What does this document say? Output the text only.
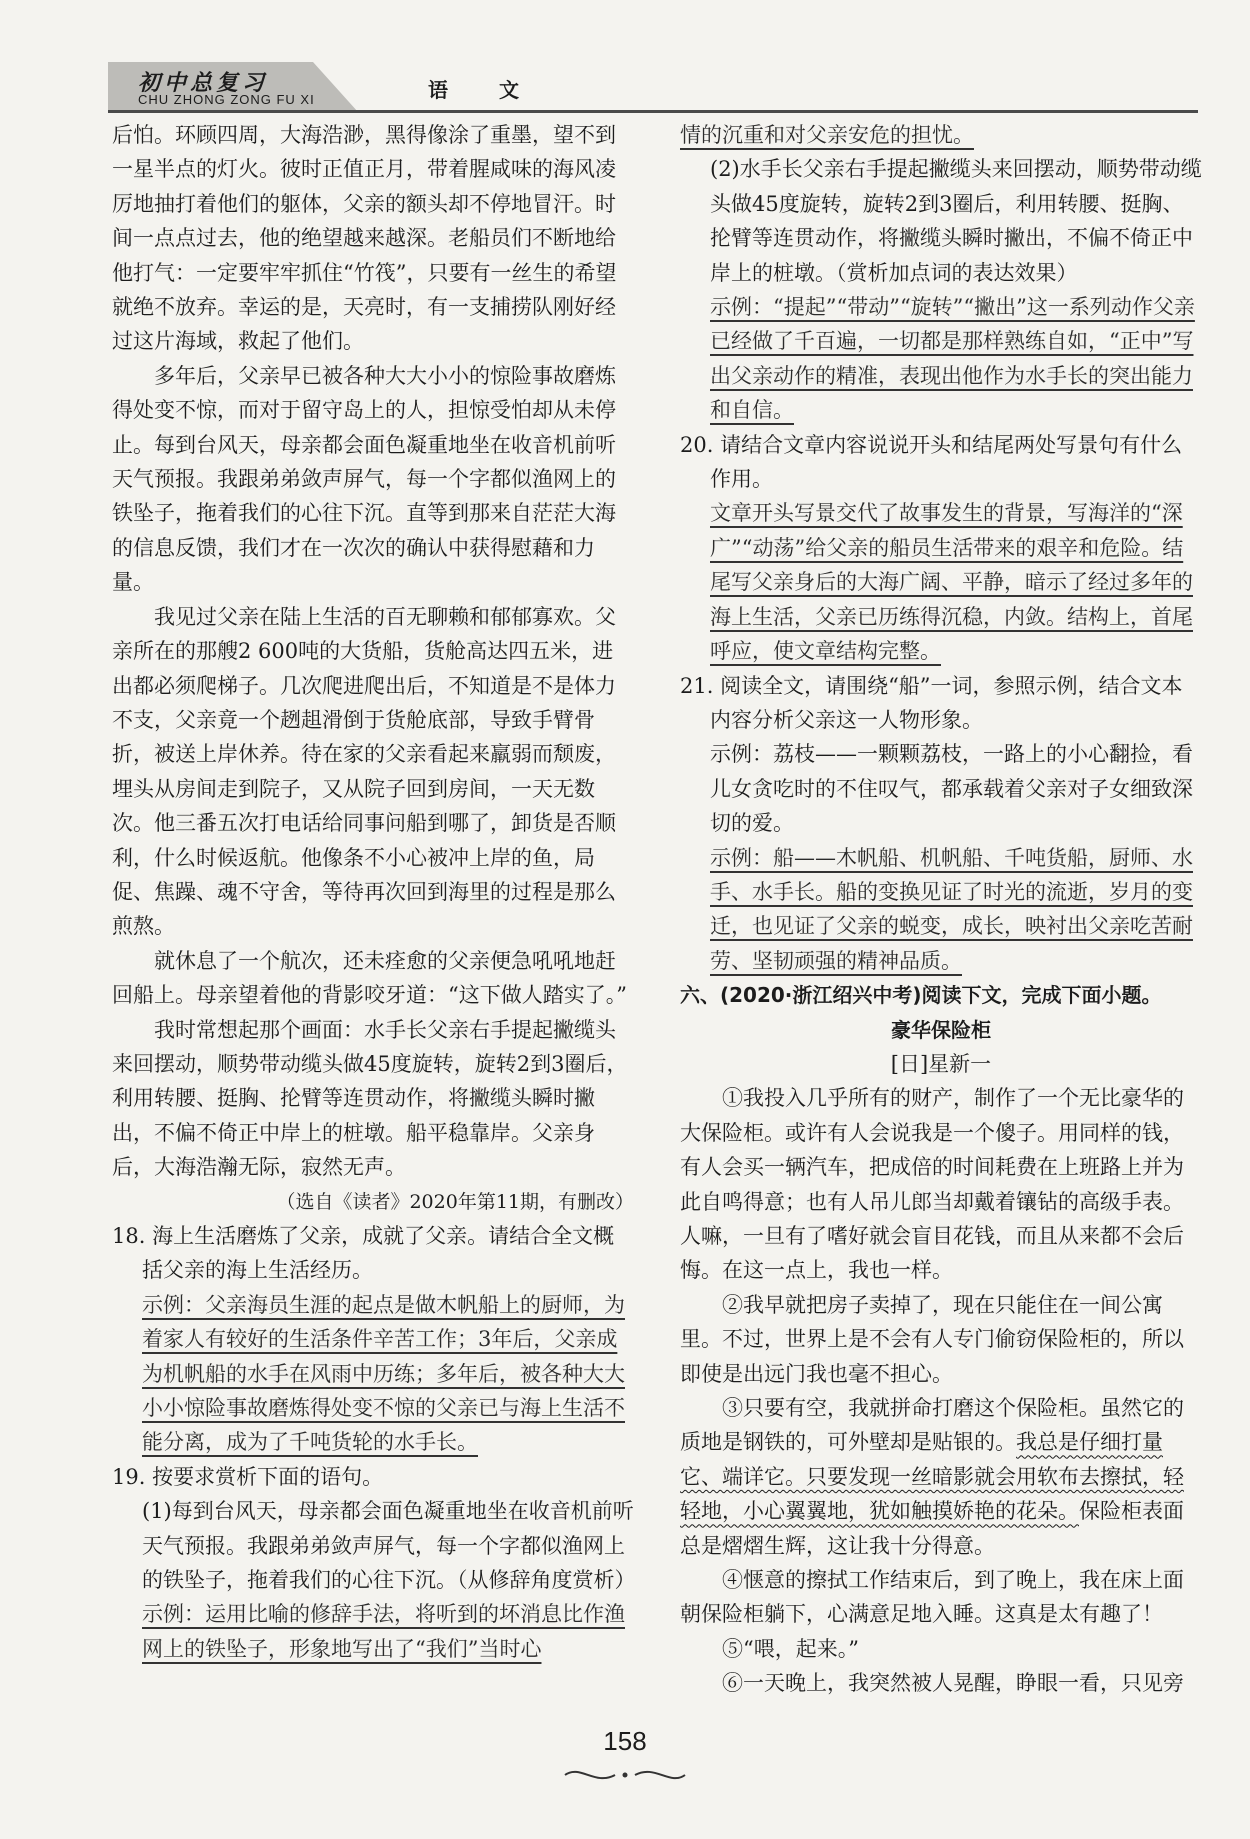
初中总复习
CHU ZHONG ZONG FU XI	语 文

后怕。环顾四周，大海浩渺，黑得像涂了重墨，望不到一星半点的灯火。彼时正值正月，带着腥咸味的海风凌厉地抽打着他们的躯体，父亲的额头却不停地冒汗。时间一点点过去，他的绝望越来越深。老船员们不断地给他打气：一定要牢牢抓住“竹筏”，只要有一丝生的希望就绝不放弃。幸运的是，天亮时，有一支捕捞队刚好经过这片海域，救起了他们。

多年后，父亲早已被各种大大小小的惊险事故磨炼得处变不惊，而对于留守岛上的人，担惊受怕却从未停止。每到台风天，母亲都会面色凝重地坐在收音机前听天气预报。我跟弟弟敛声屏气，每一个字都似渔网上的铁坠子，拖着我们的心往下沉。直等到那来自茫茫大海的信息反馈，我们才在一次次的确认中获得慰藉和力量。

我见过父亲在陆上生活的百无聊赖和郁郁寡欢。父亲所在的那艘2 600吨的大货船，货舱高达四五米，进出都必须爬梯子。几次爬进爬出后，不知道是不是体力不支，父亲竟一个趔趄滑倒于货舱底部，导致手臂骨折，被送上岸休养。待在家的父亲看起来羸弱而颓废，埋头从房间走到院子，又从院子回到房间，一天无数次。他三番五次打电话给同事问船到哪了，卸货是否顺利，什么时候返航。他像条不小心被冲上岸的鱼，局促、焦躁、魂不守舍，等待再次回到海里的过程是那么煎熬。

就休息了一个航次，还未痊愈的父亲便急吼吼地赶回船上。母亲望着他的背影咬牙道：“这下做人踏实了。”

我时常想起那个画面：水手长父亲右手提起撇缆头来回摆动，顺势带动缆头做45度旋转，旋转2到3圈后，利用转腰、挺胸、抡臂等连贯动作，将撇缆头瞬时撇出，不偏不倚正中岸上的桩墩。船平稳靠岸。父亲身后，大海浩瀚无际，寂然无声。

（选自《读者》2020年第11期，有删改）

18. 海上生活磨炼了父亲，成就了父亲。请结合全文概括父亲的海上生活经历。

示例：父亲海员生涯的起点是做木帆船上的厨师，为着家人有较好的生活条件辛苦工作；3年后，父亲成为机帆船的水手在风雨中历练；多年后，被各种大大小小惊险事故磨炼得处变不惊的父亲已与海上生活不能分离，成为了千吨货轮的水手长。

19. 按要求赏析下面的语句。

(1)每到台风天，母亲都会面色凝重地坐在收音机前听天气预报。我跟弟弟敛声屏气，每一个字都似渔网上的铁坠子，拖着我们的心往下沉。（从修辞角度赏析）

示例：运用比喻的修辞手法，将听到的坏消息比作渔网上的铁坠子，形象地写出了“我们”当时心

情的沉重和对父亲安危的担忧。

(2)水手长父亲右手提起撇缆头来回摆动，顺势带动缆头做45度旋转，旋转2到3圈后，利用转腰、挺胸、抡臂等连贯动作，将撇缆头瞬时撇出，不偏不倚正中岸上的桩墩。（赏析加点词的表达效果）

示例：“提起”“带动”“旋转”“撇出”这一系列动作父亲已经做了千百遍，一切都是那样熟练自如，“正中”写出父亲动作的精准，表现出他作为水手长的突出能力和自信。

20. 请结合文章内容说说开头和结尾两处写景句有什么作用。

文章开头写景交代了故事发生的背景，写海洋的“深广”“动荡”给父亲的船员生活带来的艰辛和危险。结尾写父亲身后的大海广阔、平静，暗示了经过多年的海上生活，父亲已历练得沉稳，内敛。结构上，首尾呼应，使文章结构完整。

21. 阅读全文，请围绕“船”一词，参照示例，结合文本内容分析父亲这一人物形象。

示例：荔枝——一颗颗荔枝，一路上的小心翻捡，看儿女贪吃时的不住叹气，都承载着父亲对子女细致深切的爱。

示例：船——木帆船、机帆船、千吨货船，厨师、水手、水手长。船的变换见证了时光的流逝，岁月的变迁，也见证了父亲的蜕变，成长，映衬出父亲吃苦耐劳、坚韧顽强的精神品质。

六、(2020·浙江绍兴中考)阅读下文，完成下面小题。

豪华保险柜

[日]星新一

①我投入几乎所有的财产，制作了一个无比豪华的大保险柜。或许有人会说我是一个傻子。用同样的钱，有人会买一辆汽车，把成倍的时间耗费在上班路上并为此自鸣得意；也有人吊儿郎当却戴着镶钻的高级手表。人嘛，一旦有了嗜好就会盲目花钱，而且从来都不会后悔。在这一点上，我也一样。

②我早就把房子卖掉了，现在只能住在一间公寓里。不过，世界上是不会有人专门偷窃保险柜的，所以即使是出远门我也毫不担心。

③只要有空，我就拼命打磨这个保险柜。虽然它的质地是钢铁的，可外壁却是贴银的。我总是仔细打量它、端详它。只要发现一丝暗影就会用软布去擦拭，轻轻地，小心翼翼地，犹如触摸娇艳的花朵。保险柜表面总是熠熠生辉，这让我十分得意。

④惬意的擦拭工作结束后，到了晚上，我在床上面朝保险柜躺下，心满意足地入睡。这真是太有趣了！

⑤“喂，起来。”

⑥一天晚上，我突然被人晃醒，睁眼一看，只见旁

158
